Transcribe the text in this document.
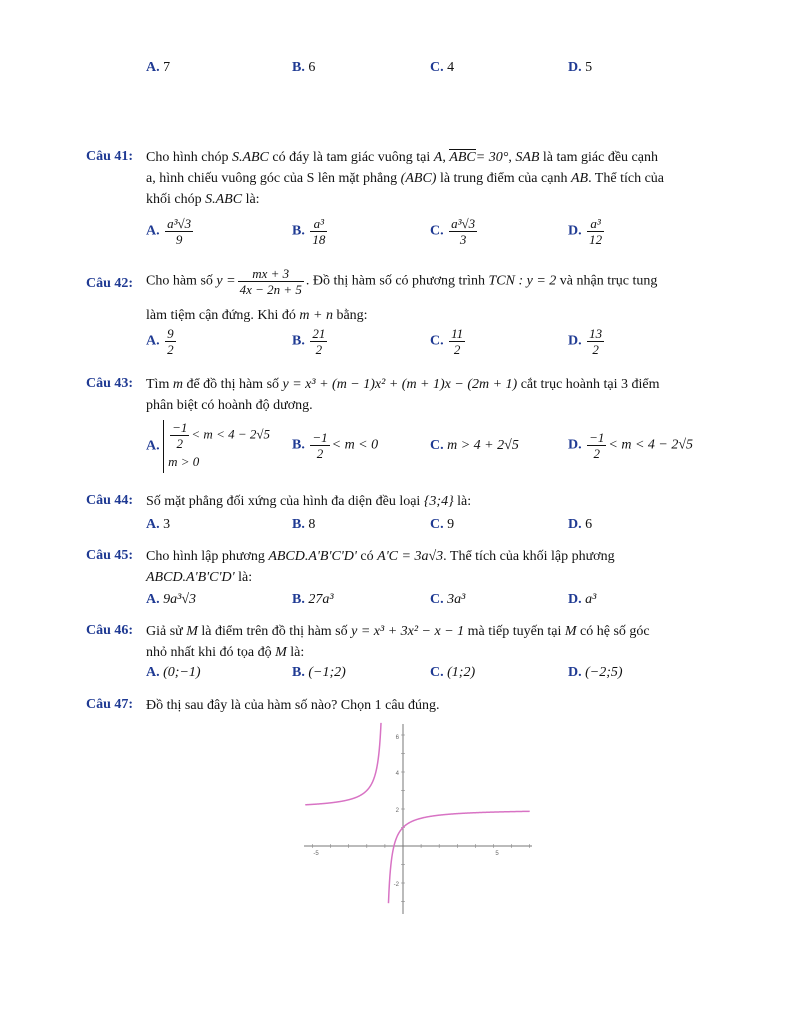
A. 7	B. 6	C. 4	D. 5
Câu 41: Cho hình chóp S.ABC có đáy là tam giác vuông tại A, ABC= 30°, SAB là tam giác đều cạnh
a, hình chiếu vuông góc của S lên mặt phẳng (ABC) là trung điểm của cạnh AB. Thể tích của
khối chóp S.ABC là:
A. $\frac{\text{a³√3}}{9}$	B. $\frac{\text{a³}}{18}$	C. $\frac{\text{a³√3}}{3}$	D. $\frac{\text{a³}}{12}$
Câu 42: Cho hàm số $y = \frac{mx + 3}{4x - 2n + 5}$ . Đồ thị hàm số có phương trình TCN : y = 2 và nhận trục tung
làm tiệm cận đứng. Khi đó m + n bằng:
A. $\frac{9}{2}$	B. $\frac{21}{2}$	C. $\frac{11}{2}$	D. $\frac{13}{2}$
Câu 43: Tìm m để đồ thị hàm số y = x³ + (m − 1)x² + (m + 1)x − (2m + 1) cắt trục hoành tại 3 điểm
phân biệt có hoành độ dương.
A. $\frac{-1}{2} < m < 4 - 2√5$
m > 0
B. $\frac{-1}{2} < m < 0$	C. m > 4 + 2√5	D. $\frac{-1}{2} < m < 4 - 2√5$
Câu 44: Số mặt phẳng đối xứng của hình đa diện đều loại {3;4} là:
A. 3	B. 8	C. 9	D. 6
Câu 45: Cho hình lập phương ABCD.A'B'C'D' có A'C = 3a√3. Thể tích của khối lập phương
ABCD.A'B'C'D' là:
A. 9a³√3	B. 27a³	C. 3a³	D. a³
Câu 46: Giả sử M là điểm trên đồ thị hàm số y = x³ + 3x² − x − 1 mà tiếp tuyến tại M có hệ số góc
nhỏ nhất khi đó tọa độ M là:
A. (0;−1)	B. (−1;2)	C. (1;2)	D. (−2;5)
Câu 47: Đồ thị sau đây là của hàm số nào? Chọn 1 câu đúng.
6
4
2
-2
-5	5
